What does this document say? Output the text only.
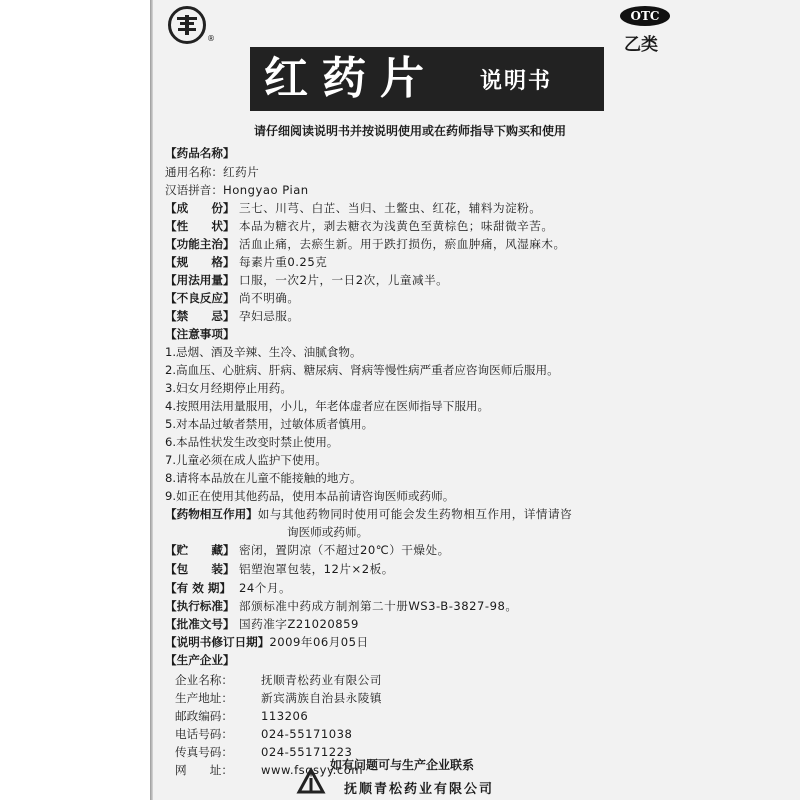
®
OTC
乙类
红药片 说明书
请仔细阅读说明书并按说明使用或在药师指导下购买和使用
【药品名称】
通用名称：红药片
汉语拼音：Hongyao Pian
【成　　份】 三七、川芎、白芷、当归、土鳖虫、红花，辅料为淀粉。
【性　　状】 本品为糖衣片，剥去糖衣为浅黄色至黄棕色；味甜微辛苦。
【功能主治】 活血止痛，去瘀生新。用于跌打损伤，瘀血肿痛，风湿麻木。
【规　　格】 每素片重0.25克
【用法用量】 口服，一次2片，一日2次，儿童减半。
【不良反应】 尚不明确。
【禁　　忌】 孕妇忌服。
【注意事项】
1.忌烟、酒及辛辣、生冷、油腻食物。
2.高血压、心脏病、肝病、糖尿病、肾病等慢性病严重者应咨询医师后服用。
3.妇女月经期停止用药。
4.按照用法用量服用，小儿，年老体虚者应在医师指导下服用。
5.对本品过敏者禁用，过敏体质者慎用。
6.本品性状发生改变时禁止使用。
7.儿童必须在成人监护下使用。
8.请将本品放在儿童不能接触的地方。
9.如正在使用其他药品，使用本品前请咨询医师或药师。
【药物相互作用】如与其他药物同时使用可能会发生药物相互作用，详情请咨
询医师或药师。
【贮　　藏】 密闭，置阴凉（不超过20℃）干燥处。
【包　　装】 铝塑泡罩包装，12片×2板。
【有 效 期】 24个月。
【执行标准】 部颁标准中药成方制剂第二十册WS3-B-3827-98。
【批准文号】 国药准字Z21020859
【说明书修订日期】2009年06月05日
【生产企业】
企业名称： 抚顺青松药业有限公司
生产地址： 新宾满族自治县永陵镇
邮政编码： 113206
电话号码： 024-55171038
传真号码： 024-55171223
网　　址： www.fsqsyy.com
如有问题可与生产企业联系
抚顺青松药业有限公司
